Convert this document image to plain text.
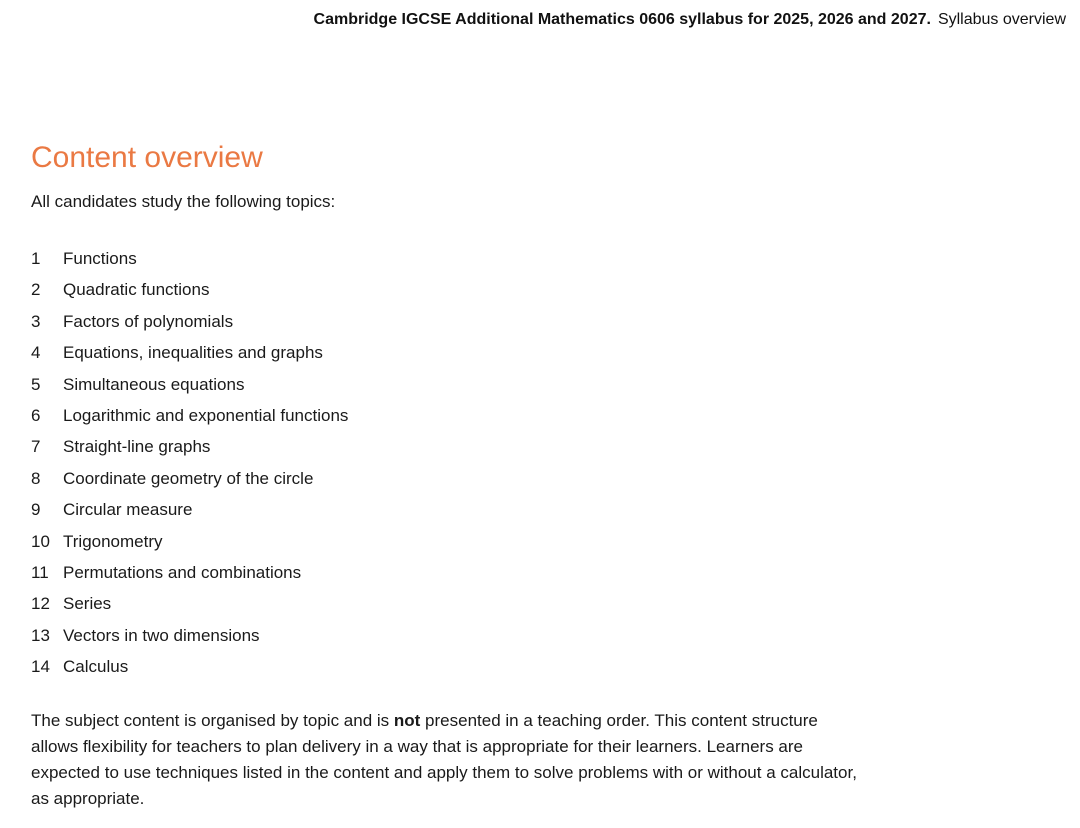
Cambridge IGCSE Additional Mathematics 0606 syllabus for 2025, 2026 and 2027. Syllabus overview
Content overview

All candidates study the following topics:

1	Functions
2	Quadratic functions
3	Factors of polynomials
4	Equations, inequalities and graphs
5	Simultaneous equations
6	Logarithmic and exponential functions
7	Straight-line graphs
8	Coordinate geometry of the circle
9	Circular measure
10 Trigonometry
11 Permutations and combinations
12 Series
13 Vectors in two dimensions
14 Calculus
The subject content is organised by topic and is not presented in a teaching order. This content structure
allows flexibility for teachers to plan delivery in a way that is appropriate for their learners. Learners are
expected to use techniques listed in the content and apply them to solve problems with or without a calculator,
as appropriate.
